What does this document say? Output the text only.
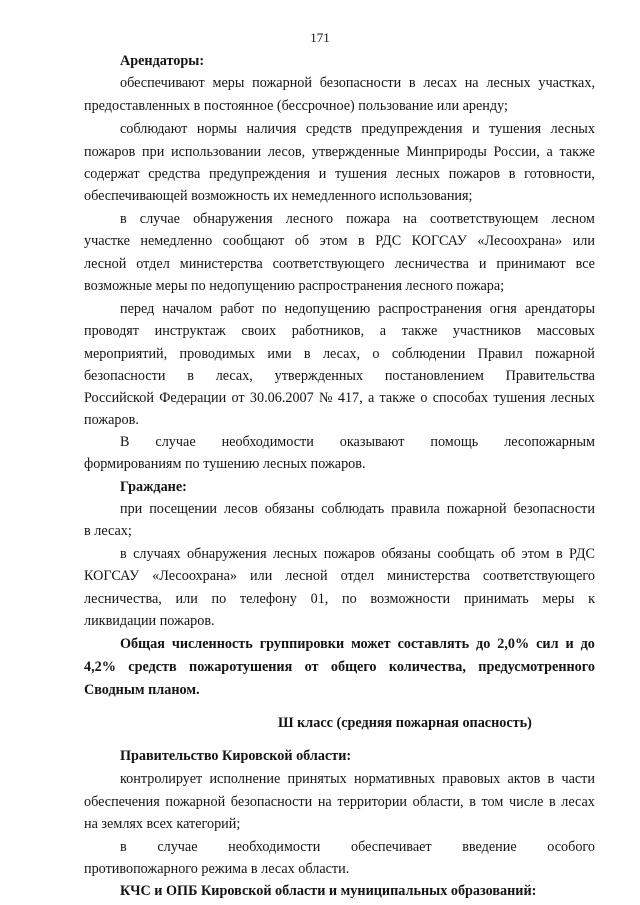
171
Арендаторы:
обеспечивают меры пожарной безопасности в лесах на лесных участках,
предоставленных в постоянное (бессрочное) пользование или аренду;
соблюдают нормы наличия средств предупреждения и тушения лесных
пожаров при использовании лесов, утвержденные Минприроды России, а также
содержат средства предупреждения и тушения лесных пожаров в готовности,
обеспечивающей возможность их немедленного использования;
в случае обнаружения лесного пожара на соответствующем лесном
участке немедленно сообщают об этом в РДС КОГСАУ «Лесоохрана» или
лесной отдел министерства соответствующего лесничества и принимают все
возможные меры по недопущению распространения лесного пожара;
перед началом работ по недопущению распространения огня арендаторы
проводят инструктаж своих работников, а также участников массовых
мероприятий, проводимых ими в лесах, о соблюдении Правил пожарной
безопасности в лесах, утвержденных постановлением Правительства
Российской Федерации от 30.06.2007 № 417, а также о способах тушения лесных
пожаров.
В случае необходимости оказывают помощь лесопожарным
формированиям по тушению лесных пожаров.
Граждане:
при посещении лесов обязаны соблюдать правила пожарной безопасности
в лесах;
в случаях обнаружения лесных пожаров обязаны сообщать об этом в РДС
КОГСАУ «Лесоохрана» или лесной отдел министерства соответствующего
лесничества, или по телефону 01, по возможности принимать меры к
ликвидации пожаров.
Общая численность группировки может составлять до 2,0% сил и до
4,2% средств пожаротушения от общего количества, предусмотренного
Сводным планом.
Ш класс (средняя пожарная опасность)
Правительство Кировской области:
контролирует исполнение принятых нормативных правовых актов в части
обеспечения пожарной безопасности на территории области, в том числе в лесах
на землях всех категорий;
в случае необходимости обеспечивает введение особого
противопожарного режима в лесах области.
КЧС и ОПБ Кировской области и муниципальных образований:
